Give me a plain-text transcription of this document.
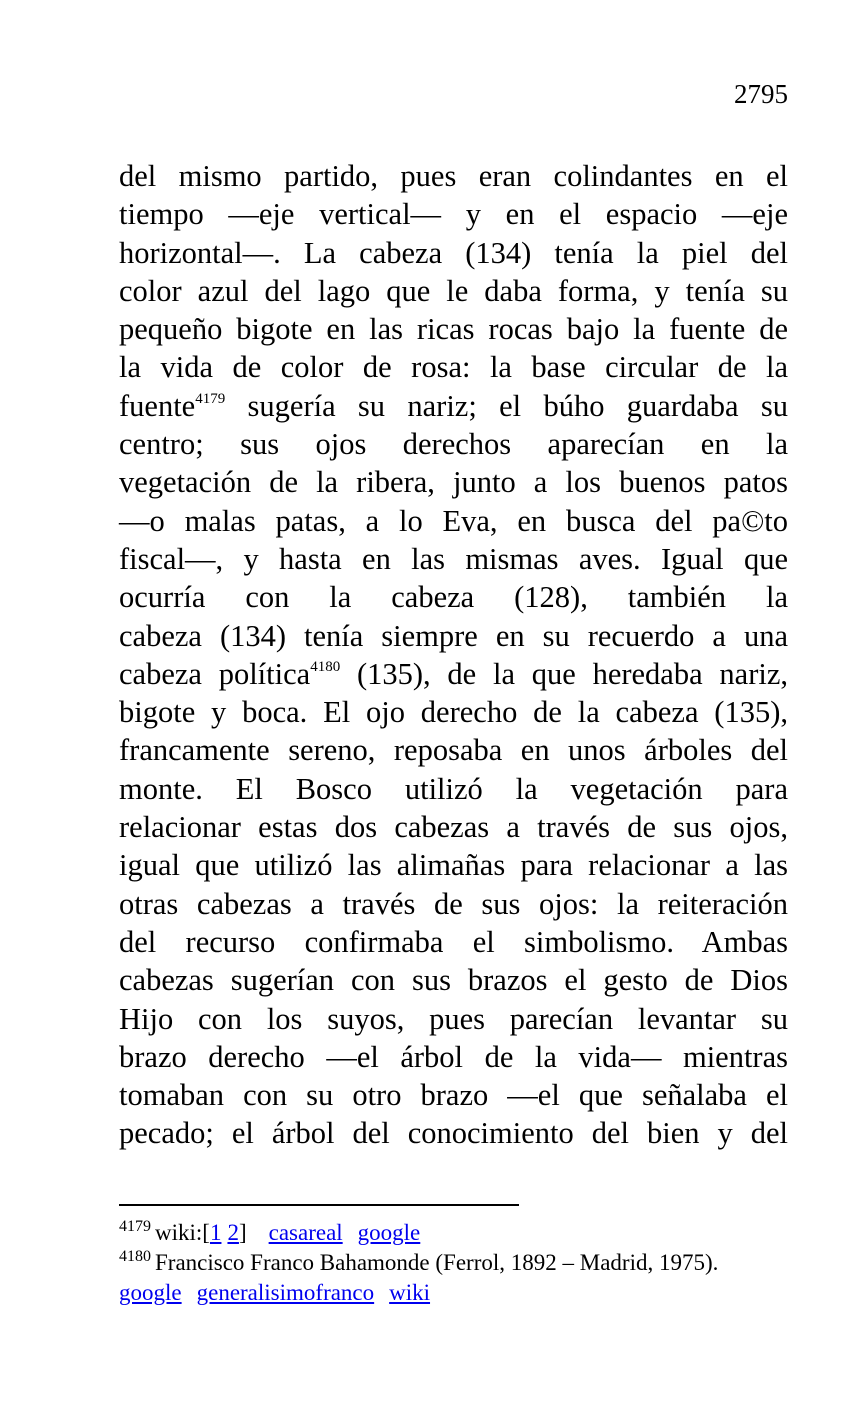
2795
del mismo partido, pues eran colindantes en el
tiempo —eje vertical— y en el espacio —eje
horizontal—. La cabeza (134) tenía la piel del
color azul del lago que le daba forma, y tenía su
pequeño bigote en las ricas rocas bajo la fuente de
la vida de color de rosa: la base circular de la
fuente$^{4179}$ sugería su nariz; el búho guardaba su
centro; sus ojos derechos aparecían en la
vegetación de la ribera, junto a los buenos patos
—o malas patas, a lo Eva, en busca del pa©to
fiscal—, y hasta en las mismas aves. Igual que
ocurría con la cabeza (128), también la
cabeza (134) tenía siempre en su recuerdo a una
cabeza política$^{4180}$ (135), de la que heredaba nariz,
bigote y boca. El ojo derecho de la cabeza (135),
francamente sereno, reposaba en unos árboles del
monte. El Bosco utilizó la vegetación para
relacionar estas dos cabezas a través de sus ojos,
igual que utilizó las alimañas para relacionar a las
otras cabezas a través de sus ojos: la reiteración
del recurso confirmaba el simbolismo. Ambas
cabezas sugerían con sus brazos el gesto de Dios
Hijo con los suyos, pues parecían levantar su
brazo derecho —el árbol de la vida— mientras
tomaban con su otro brazo —el que señalaba el
pecado; el árbol del conocimiento del bien y del
$^{4179}$ wiki:[1 2] casareal google
$^{4180}$ Francisco Franco Bahamonde (Ferrol, 1892 – Madrid, 1975).
google generalisimofranco wiki
